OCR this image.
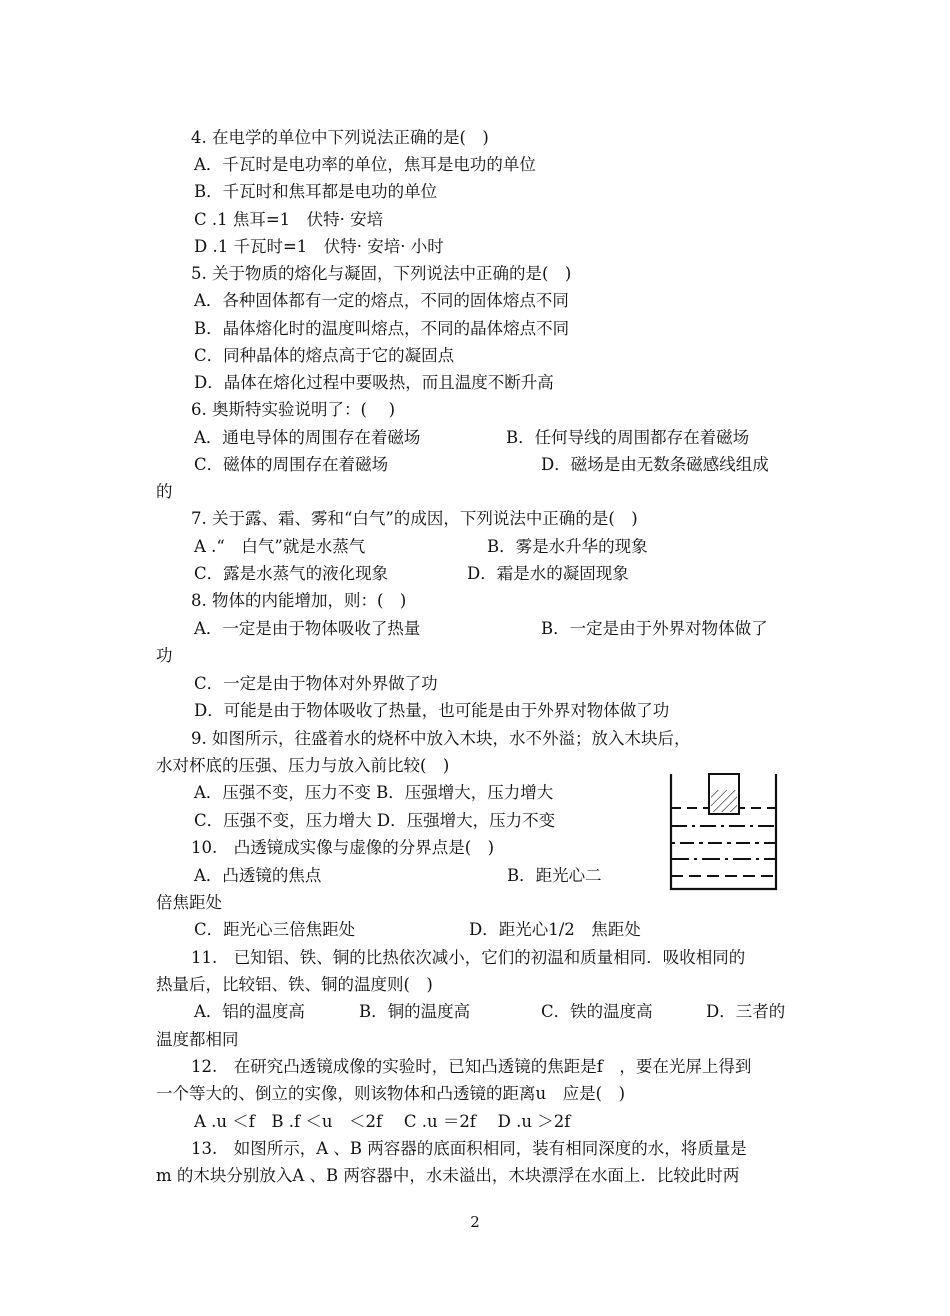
4. 在电学的单位中下列说法正确的是(　)
A．千瓦时是电功率的单位，焦耳是电功的单位
B．千瓦时和焦耳都是电功的单位
C .1 焦耳=1　伏特· 安培
D .1 千瓦时=1　伏特· 安培· 小时
5. 关于物质的熔化与凝固，下列说法中正确的是(　)
A．各种固体都有一定的熔点，不同的固体熔点不同
B．晶体熔化时的温度叫熔点，不同的晶体熔点不同
C．同种晶体的熔点高于它的凝固点
D．晶体在熔化过程中要吸热，而且温度不断升高
6. 奥斯特实验说明了：(　 )
A．通电导体的周围存在着磁场	B．任何导线的周围都存在着磁场
C．磁体的周围存在着磁场	D．磁场是由无数条磁感线组成
的
7. 关于露、霜、雾和“白气”的成因，下列说法中正确的是(　)
A .“　白气”就是水蒸气	B．雾是水升华的现象
C．露是水蒸气的液化现象	D．霜是水的凝固现象
8. 物体的内能增加，则：(　)
A．一定是由于物体吸收了热量	B．一定是由于外界对物体做了
功
C．一定是由于物体对外界做了功
D．可能是由于物体吸收了热量，也可能是由于外界对物体做了功
9. 如图所示，往盛着水的烧杯中放入木块，水不外溢；放入木块后，
水对杯底的压强、压力与放入前比较(　)
A．压强不变，压力不变 B．压强增大，压力增大
C．压强不变，压力增大 D．压强增大，压力不变
10.　凸透镜成实像与虚像的分界点是(　)
A．凸透镜的焦点	B．距光心二
倍焦距处
C．距光心三倍焦距处	D．距光心1/2　焦距处
11.　已知铝、铁、铜的比热依次减小，它们的初温和质量相同．吸收相同的
热量后，比较铝、铁、铜的温度则(　)
A．铝的温度高	B．铜的温度高	C．铁的温度高	D．三者的
温度都相同
12.　在研究凸透镜成像的实验时，已知凸透镜的焦距是f　，要在光屏上得到
一个等大的、倒立的实像，则该物体和凸透镜的距离u　应是(　)
A .u ＜f　B .f ＜u　＜2f　 C .u ＝2f　 D .u ＞2f
13.　如图所示，A 、B 两容器的底面积相同，装有相同深度的水，将质量是
m 的木块分别放入A 、B 两容器中，水未溢出，木块漂浮在水面上．比较此时两
2
